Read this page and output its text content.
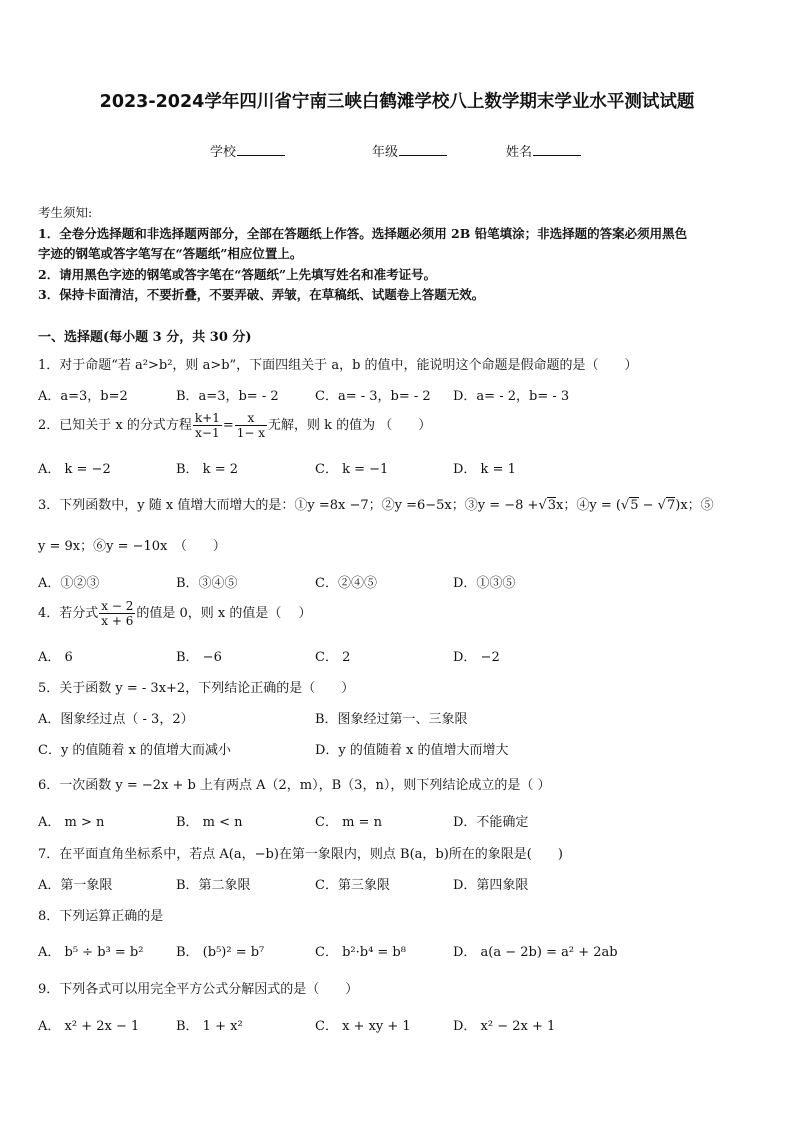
2023-2024学年四川省宁南三峡白鹤滩学校八上数学期末学业水平测试试题
学校	年级	姓名
考生须知:
1．全卷分选择题和非选择题两部分，全部在答题纸上作答。选择题必须用 2B 铅笔填涂；非选择题的答案必须用黑色
字迹的钢笔或答字笔写在“答题纸”相应位置上。
2．请用黑色字迹的钢笔或答字笔在“答题纸”上先填写姓名和准考证号。
3．保持卡面清洁，不要折叠，不要弄破、弄皱，在草稿纸、试题卷上答题无效。
一、选择题(每小题 3 分，共 30 分)
1．对于命题“若 a²>b²，则 a>b”，下面四组关于 a，b 的值中，能说明这个命题是假命题的是（　　）
A．a=3，b=2	B．a=3，b= - 2	C．a= - 3，b= - 2 D．a= - 2，b= - 3
2．已知关于 x 的分式方程 $\frac{k+1}{x-1} = \frac{x}{1- x}$ 无解，则 k 的值为 （　　）
A． k = −2	B． k = 2	C． k = −1	D． k = 1
3．下列函数中，y 随 x 值增大而增大的是：①y =8x −7；②y =6−5x；③y = −8 +√3x；④y = (√5 − √7)x；⑤
y = 9x；⑥y = −10x　（　　）
A．①②③	B．③④⑤	C．②④⑤	D．①③⑤
4．若分式 $\frac{x - 2}{x + 6}$ 的值是 0，则 x 的值是（　 ）
A． 6	B． −6	C． 2	D． −2
5．关于函数 y = - 3x+2，下列结论正确的是（　　）
A．图象经过点（ - 3，2）	B．图象经过第一、三象限
C．y 的值随着 x 的值增大而减小	D．y 的值随着 x 的值增大而增大
6．一次函数 y = −2x + b 上有两点 A（2，m），B（3，n），则下列结论成立的是（ ）
A． m > n	B． m < n	C． m = n	D．不能确定
7．在平面直角坐标系中，若点 A(a，−b)在第一象限内，则点 B(a，b)所在的象限是(　　)
A．第一象限	B．第二象限	C．第三象限	D．第四象限
8．下列运算正确的是
A． b⁵ ÷ b³ = b²	B． (b⁵)² = b⁷	C． b²·b⁴ = b⁸	D． a(a − 2b) = a² + 2ab
9．下列各式可以用完全平方公式分解因式的是（　　）
A． x² + 2x − 1	B． 1 + x²	C． x + xy + 1	D． x² − 2x + 1
